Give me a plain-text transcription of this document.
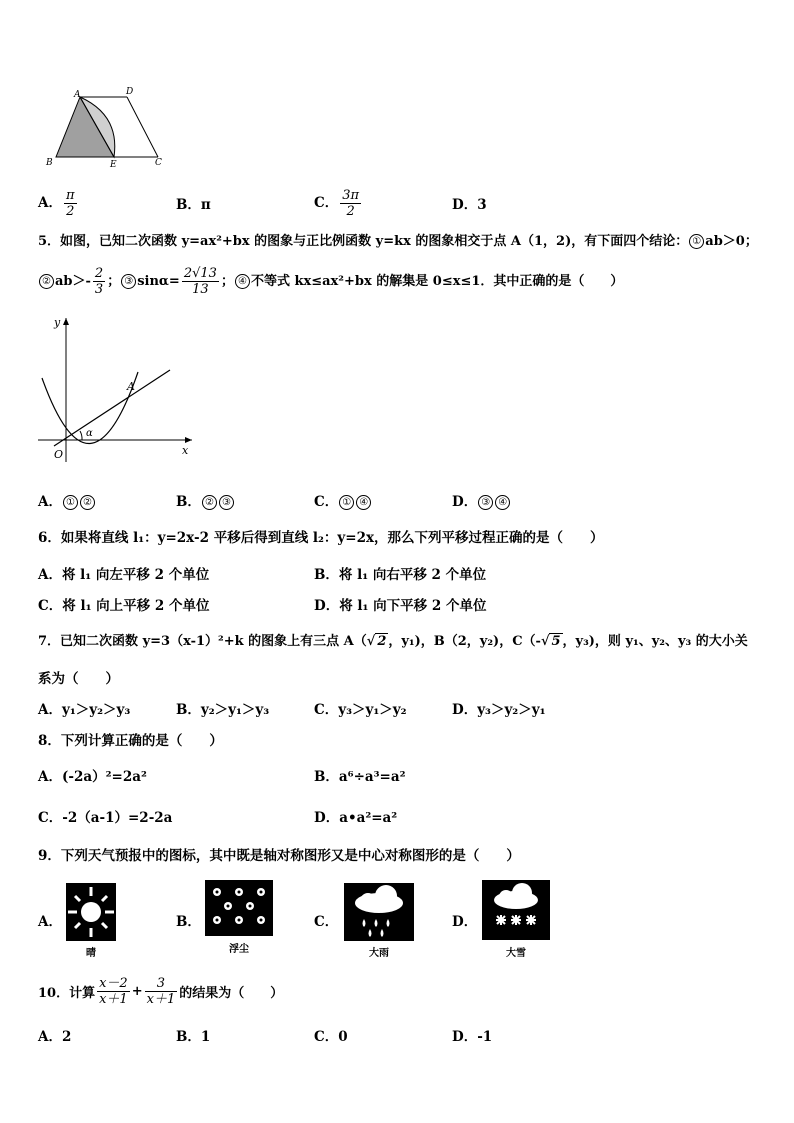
A	D
B	E	C
A． $\frac{\pi}{2}$	B．π	C． $\frac{3\pi}{2}$	D．3
5．如图，已知二次函数 y=ax²+bx 的图象与正比例函数 y=kx 的图象相交于点 A（1，2)，有下面四个结论： ① ab＞0；
② $ab>- \frac{2}{3}$ ； ③ $\sin\alpha= \frac{2√13}{13}$ ； ④ 不等式 kx≤ax²+bx 的解集是 0≤x≤1．其中正确的是（　　）
y
x
O
A
α
A． ① ②	B． ② ③	C． ① ④	D． ③ ④
6．如果将直线 l₁：y=2x-2 平移后得到直线 l₂：y=2x，那么下列平移过程正确的是（　　）
A．将 l₁ 向左平移 2 个单位	B．将 l₁ 向右平移 2 个单位
C．将 l₁ 向上平移 2 个单位	D．将 l₁ 向下平移 2 个单位
7．已知二次函数 y=3（x-1）²+k 的图象上有三点 A（√ 2 ，y₁)，B（2，y₂)，C（-√ 5 ，y₃)，则 y₁、y₂、y₃ 的大小关
系为（　　）
A．y₁＞y₂＞y₃	B．y₂＞y₁＞y₃	C．y₃＞y₁＞y₂	D．y₃＞y₂＞y₁
8．下列计算正确的是（　　）
A．(-2a）²=2a²	B．a⁶÷a³=a²
C．-2（a-1）=2-2a	D．a•a²=a²
9．下列天气预报中的图标，其中既是轴对称图形又是中心对称图形的是（　　）
A．
晴
B．
浮尘
C．
大雨
D．
大雪
10．计算 $\frac{x-2}{x+1} + \frac{3}{x+1}$ 的结果为（　　）
A．2	B．1	C．0	D．-1
